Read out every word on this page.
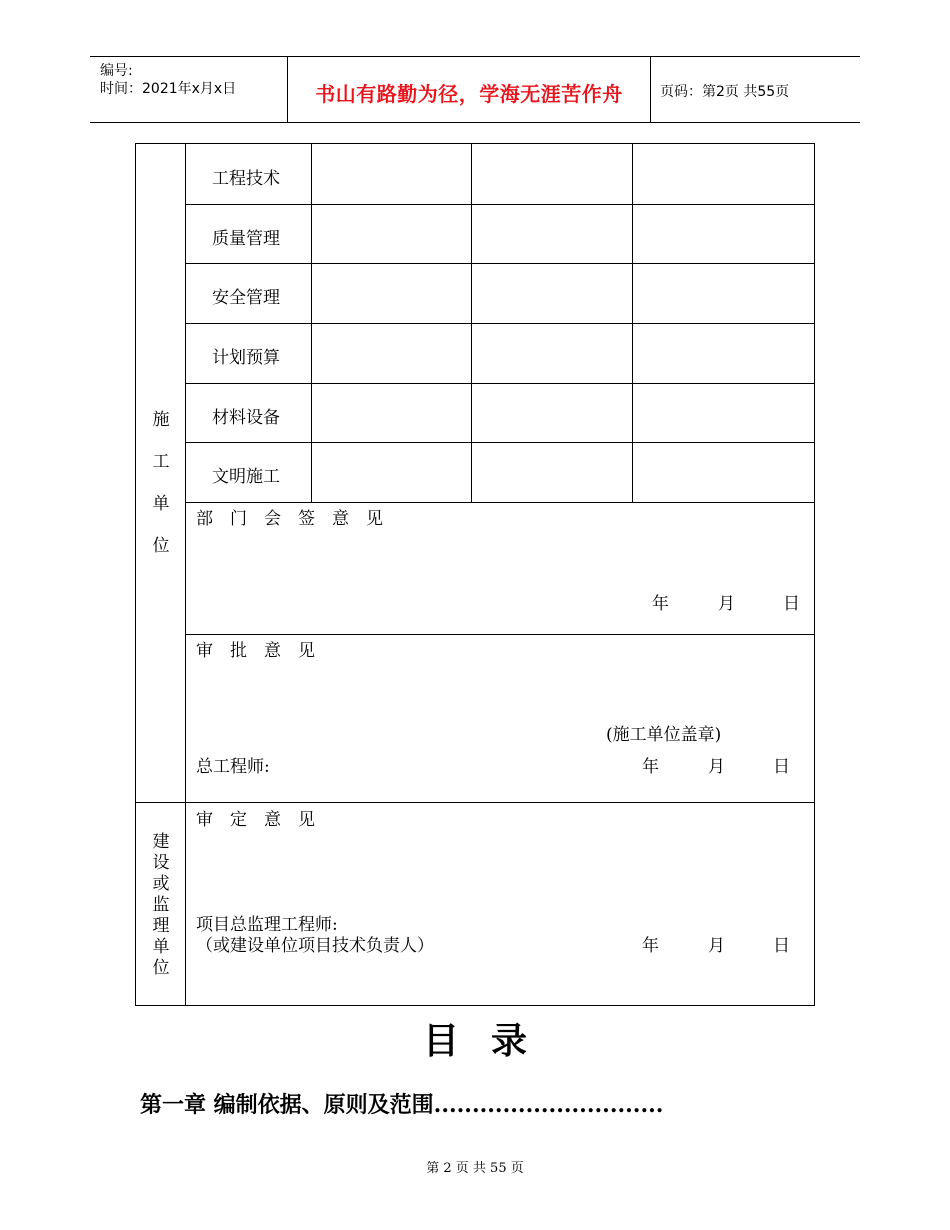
编号:
时间：2021年x月x日	书山有路勤为径，学海无涯苦作舟	页码：第2页 共55页
施
工
单
位
工程技术
质量管理
安全管理
计划预算
材料设备
文明施工
部　门　会　签　意　见
年	月	日
审　批　意　见
(施工单位盖章)
总工程师:	年	月	日
建
设
或
监
理
单
位
审　定　意　见
项目总监理工程师:
（或建设单位项目技术负责人）	年	月	日
目录
第一章 编制依据、原则及范围..............................
第 2 页 共 55 页
